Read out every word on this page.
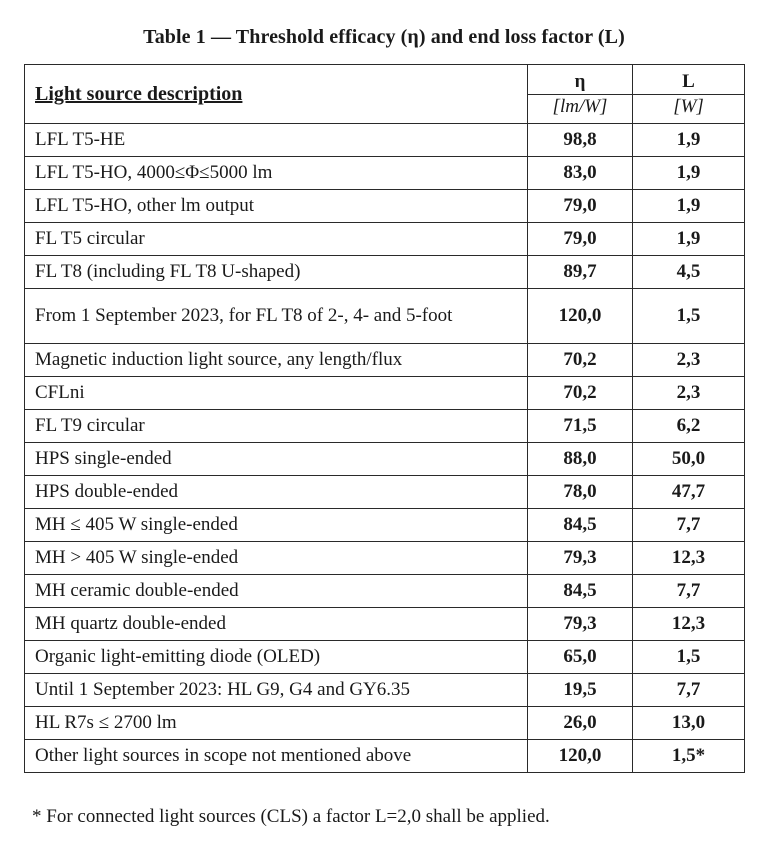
Table 1 — Threshold efficacy (η) and end loss factor (L)
Light source description	η	L
	[lm/W]	[W]
LFL T5-HE	98,8	1,9
LFL T5-HO, 4000≤Φ≤5000 lm	83,0	1,9
LFL T5-HO, other lm output	79,0	1,9
FL T5 circular	79,0	1,9
FL T8 (including FL T8 U-shaped)	89,7	4,5
From 1 September 2023, for FL T8 of 2-, 4- and 5-foot	120,0	1,5
Magnetic induction light source, any length/flux	70,2	2,3
CFLni	70,2	2,3
FL T9 circular	71,5	6,2
HPS single-ended	88,0	50,0
HPS double-ended	78,0	47,7
MH ≤ 405 W single-ended	84,5	7,7
MH > 405 W single-ended	79,3	12,3
MH ceramic double-ended	84,5	7,7
MH quartz double-ended	79,3	12,3
Organic light-emitting diode (OLED)	65,0	1,5
Until 1 September 2023: HL G9, G4 and GY6.35	19,5	7,7
HL R7s ≤ 2700 lm	26,0	13,0
Other light sources in scope not mentioned above	120,0	1,5*
* For connected light sources (CLS) a factor L=2,0 shall be applied.
